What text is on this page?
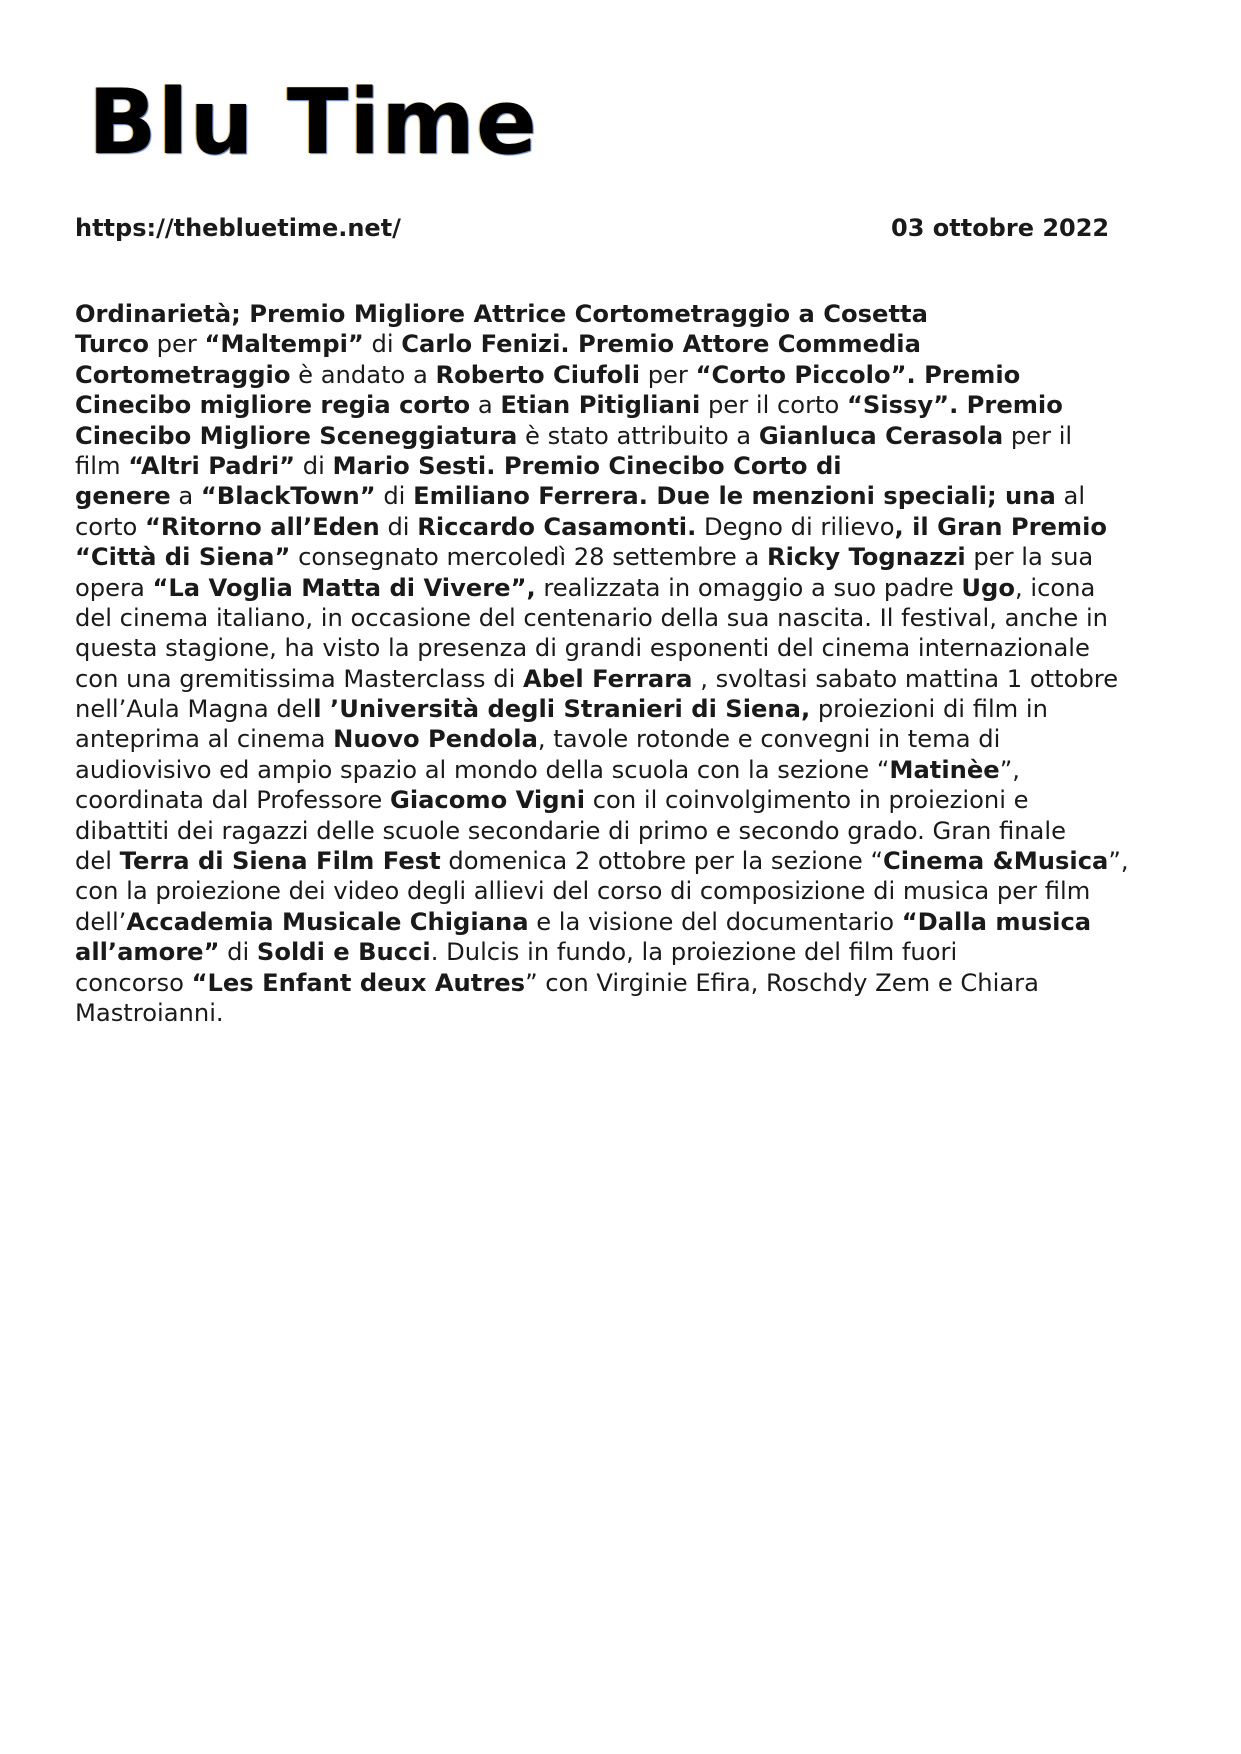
Blu Time
https://thebluetime.net/	03 ottobre 2022
Ordinarietà; Premio Migliore Attrice Cortometraggio a Cosetta
Turco per “Maltempi” di Carlo Fenizi. Premio Attore Commedia
Cortometraggio è andato a Roberto Ciufoli per “Corto Piccolo”. Premio
Cinecibo migliore regia corto a Etian Pitigliani per il corto “Sissy”. Premio
Cinecibo Migliore Sceneggiatura è stato attribuito a Gianluca Cerasola per il
film “Altri Padri” di Mario Sesti. Premio Cinecibo Corto di
genere a “BlackTown” di Emiliano Ferrera. Due le menzioni speciali; una al
corto “Ritorno all’Eden di Riccardo Casamonti. Degno di rilievo, il Gran Premio
“Città di Siena” consegnato mercoledì 28 settembre a Ricky Tognazzi per la sua
opera “La Voglia Matta di Vivere”, realizzata in omaggio a suo padre Ugo, icona
del cinema italiano, in occasione del centenario della sua nascita. Il festival, anche in
questa stagione, ha visto la presenza di grandi esponenti del cinema internazionale
con una gremitissima Masterclass di Abel Ferrara , svoltasi sabato mattina 1 ottobre
nell’Aula Magna dell ’Università degli Stranieri di Siena, proiezioni di film in
anteprima al cinema Nuovo Pendola, tavole rotonde e convegni in tema di
audiovisivo ed ampio spazio al mondo della scuola con la sezione “Matinèe”,
coordinata dal Professore Giacomo Vigni con il coinvolgimento in proiezioni e
dibattiti dei ragazzi delle scuole secondarie di primo e secondo grado. Gran finale
del Terra di Siena Film Fest domenica 2 ottobre per la sezione “Cinema &Musica”,
con la proiezione dei video degli allievi del corso di composizione di musica per film
dell’Accademia Musicale Chigiana e la visione del documentario “Dalla musica
all’amore” di Soldi e Bucci. Dulcis in fundo, la proiezione del film fuori
concorso “Les Enfant deux Autres” con Virginie Efira, Roschdy Zem e Chiara
Mastroianni.
